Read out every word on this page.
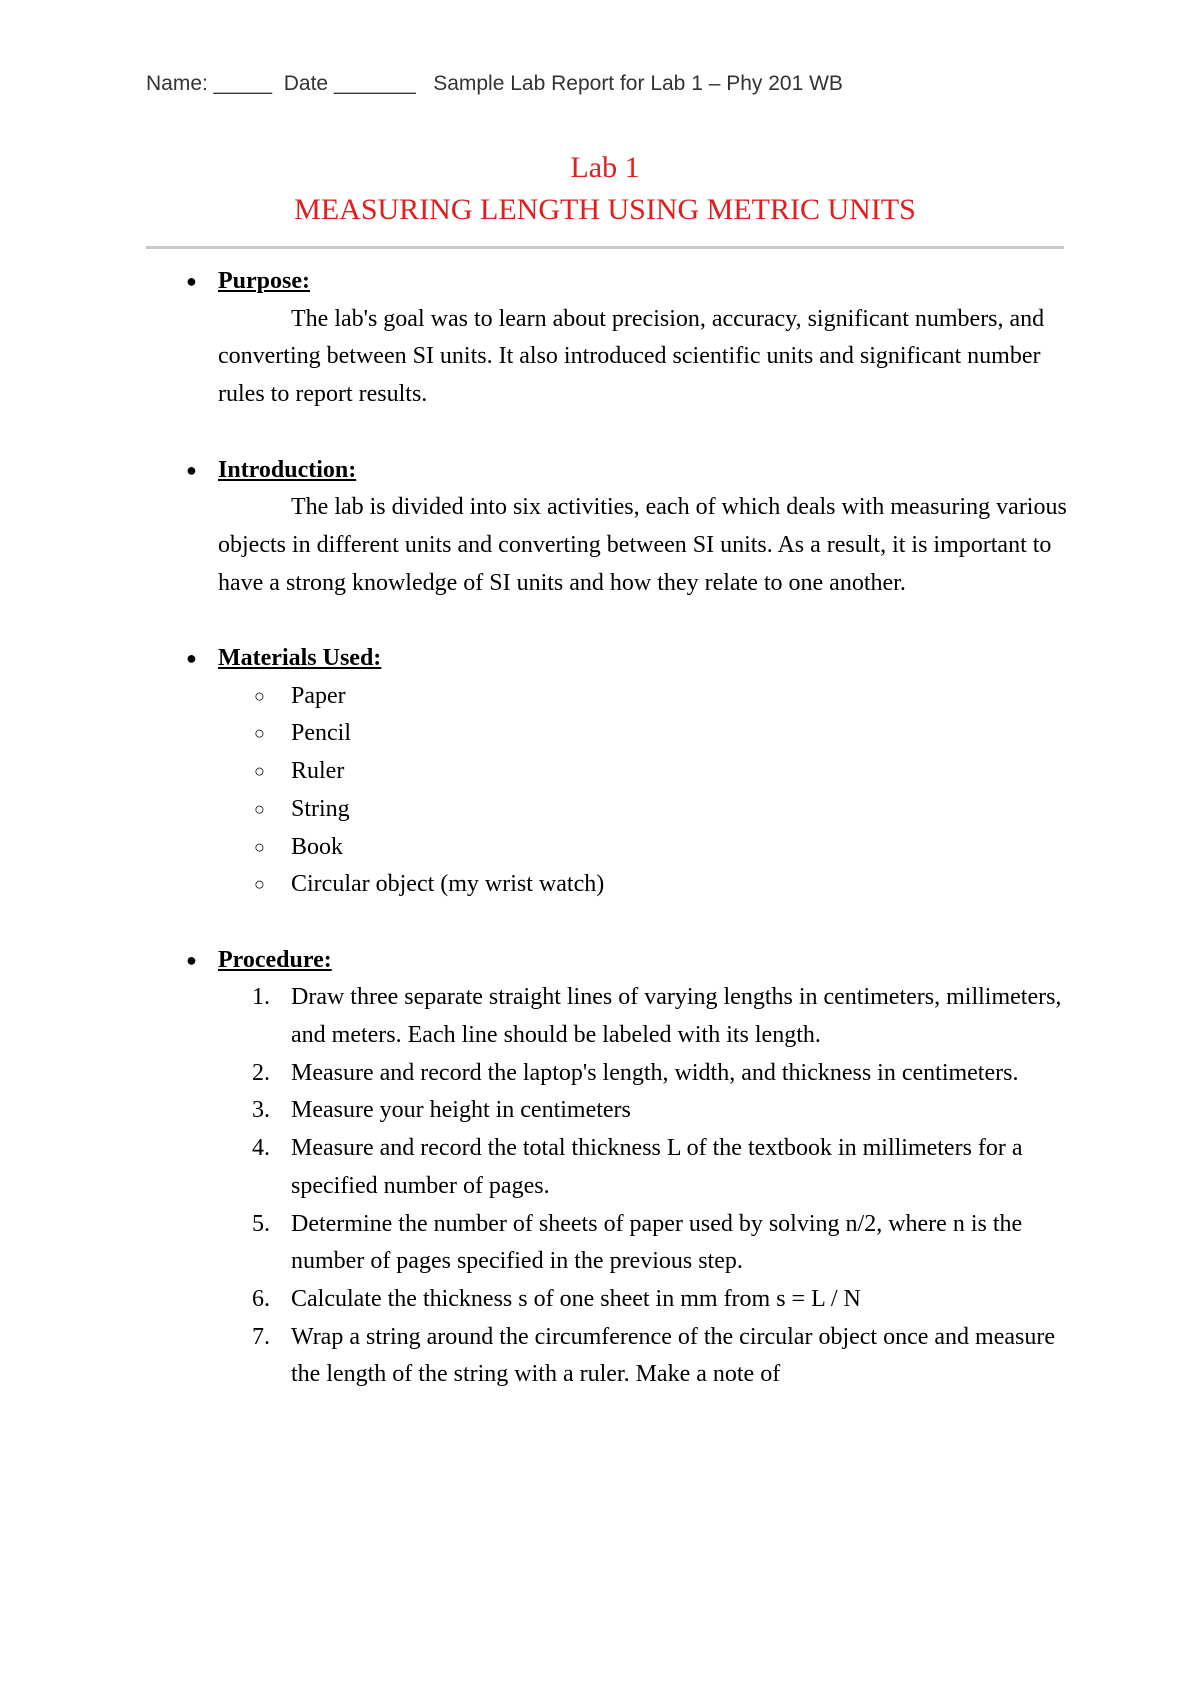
Name: _____  Date _______   Sample Lab Report for Lab 1 – Phy 201 WB
Lab 1
MEASURING LENGTH USING METRIC UNITS
● Purpose:
The lab's goal was to learn about precision, accuracy, significant numbers, and converting between SI units. It also introduced scientific units and significant number rules to report results.
● Introduction:
The lab is divided into six activities, each of which deals with measuring various objects in different units and converting between SI units. As a result, it is important to have a strong knowledge of SI units and how they relate to one another.
● Materials Used:
○ Paper
○ Pencil
○ Ruler
○ String
○ Book
○ Circular object (my wrist watch)
● Procedure:
1. Draw three separate straight lines of varying lengths in centimeters, millimeters, and meters. Each line should be labeled with its length.
2. Measure and record the laptop's length, width, and thickness in centimeters.
3. Measure your height in centimeters
4. Measure and record the total thickness L of the textbook in millimeters for a specified number of pages.
5. Determine the number of sheets of paper used by solving n/2, where n is the number of pages specified in the previous step.
6. Calculate the thickness s of one sheet in mm from s = L / N
7. Wrap a string around the circumference of the circular object once and measure the length of the string with a ruler. Make a note of
